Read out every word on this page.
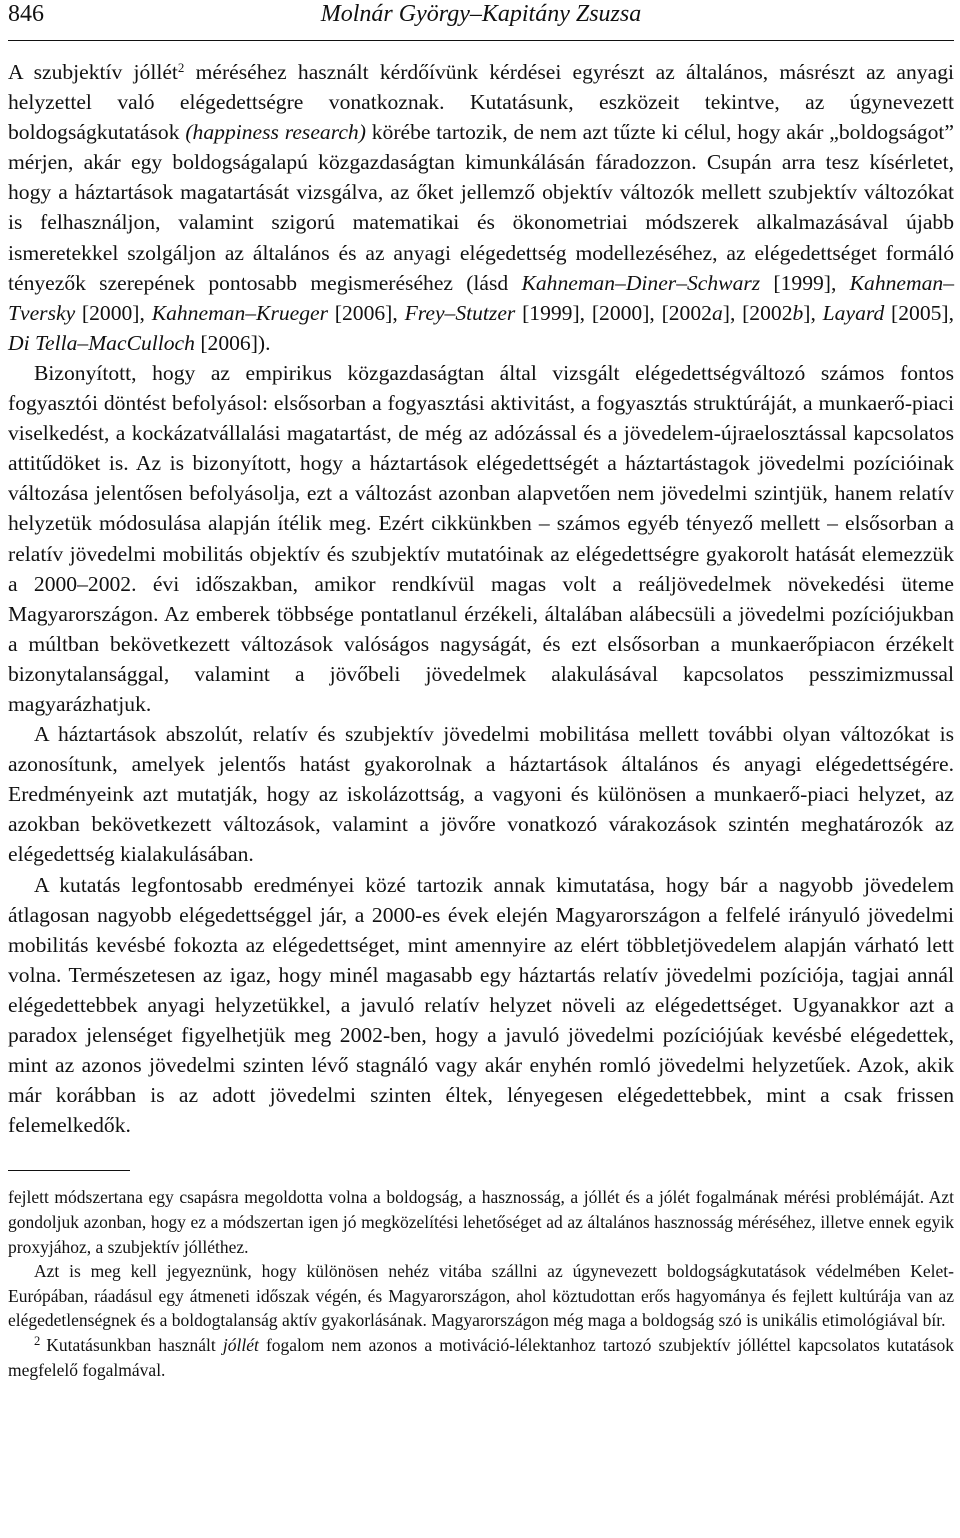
846	Molnár György–Kapitány Zsuzsa

A szubjektív jóllét$^2$ méréséhez használt kérdőívünk kérdései egyrészt az általános, másrészt az anyagi helyzettel való elégedettségre vonatkoznak. Kutatásunk, eszközeit tekintve, az úgynevezett boldogságkutatások (happiness research) körébe tartozik, de nem azt tűzte ki célul, hogy akár „boldogságot” mérjen, akár egy boldogságalapú közgazdaságtan kimunkálásán fáradozzon. Csupán arra tesz kísérletet, hogy a háztartások magatartását vizsgálva, az őket jellemző objektív változók mellett szubjektív változókat is felhasználjon, valamint szigorú matematikai és ökonometriai módszerek alkalmazásával újabb ismeretekkel szolgáljon az általános és az anyagi elégedettség modellezéséhez, az elégedettséget formáló tényezők szerepének pontosabb megismeréséhez (lásd Kahneman–Diner–Schwarz [1999], Kahneman–Tversky [2000], Kahneman–Krueger [2006], Frey–Stutzer [1999], [2000], [2002a], [2002b], Layard [2005], Di Tella–MacCulloch [2006]).

Bizonyított, hogy az empirikus közgazdaságtan által vizsgált elégedettségváltozó számos fontos fogyasztói döntést befolyásol: elsősorban a fogyasztási aktivitást, a fogyasztás struktúráját, a munkaerő-piaci viselkedést, a kockázatvállalási magatartást, de még az adózással és a jövedelem-újraelosztással kapcsolatos attitűdöket is. Az is bizonyított, hogy a háztartások elégedettségét a háztartástagok jövedelmi pozícióinak változása jelentősen befolyásolja, ezt a változást azonban alapvetően nem jövedelmi szintjük, hanem relatív helyzetük módosulása alapján ítélik meg. Ezért cikkünkben – számos egyéb tényező mellett – elsősorban a relatív jövedelmi mobilitás objektív és szubjektív mutatóinak az elégedettségre gyakorolt hatását elemezzük a 2000–2002. évi időszakban, amikor rendkívül magas volt a reáljövedelmek növekedési üteme Magyarországon. Az emberek többsége pontatlanul érzékeli, általában alábecsüli a jövedelmi pozíciójukban a múltban bekövetkezett változások valóságos nagyságát, és ezt elsősorban a munkaerőpiacon érzékelt bizonytalansággal, valamint a jövőbeli jövedelmek alakulásával kapcsolatos pesszimizmussal magyarázhatjuk.

A háztartások abszolút, relatív és szubjektív jövedelmi mobilitása mellett további olyan változókat is azonosítunk, amelyek jelentős hatást gyakorolnak a háztartások általános és anyagi elégedettségére. Eredményeink azt mutatják, hogy az iskolázottság, a vagyoni és különösen a munkaerő-piaci helyzet, az azokban bekövetkezett változások, valamint a jövőre vonatkozó várakozások szintén meghatározók az elégedettség kialakulásában.

A kutatás legfontosabb eredményei közé tartozik annak kimutatása, hogy bár a nagyobb jövedelem átlagosan nagyobb elégedettséggel jár, a 2000-es évek elején Magyarországon a felfelé irányuló jövedelmi mobilitás kevésbé fokozta az elégedettséget, mint amennyire az elért többletjövedelem alapján várható lett volna. Természetesen az igaz, hogy minél magasabb egy háztartás relatív jövedelmi pozíciója, tagjai annál elégedettebbek anyagi helyzetükkel, a javuló relatív helyzet növeli az elégedettséget. Ugyanakkor azt a paradox jelenséget figyelhetjük meg 2002-ben, hogy a javuló jövedelmi pozíciójúak kevésbé elégedettek, mint az azonos jövedelmi szinten lévő stagnáló vagy akár enyhén romló jövedelmi helyzetűek. Azok, akik már korábban is az adott jövedelmi szinten éltek, lényegesen elégedettebbek, mint a csak frissen felemelkedők.

fejlett módszertana egy csapásra megoldotta volna a boldogság, a hasznosság, a jóllét és a jólét fogalmának mérési problémáját. Azt gondoljuk azonban, hogy ez a módszertan igen jó megközelítési lehetőséget ad az általános hasznosság méréséhez, illetve ennek egyik proxyjához, a szubjektív jólléthez.

Azt is meg kell jegyeznünk, hogy különösen nehéz vitába szállni az úgynevezett boldogságkutatások védelmében Kelet-Európában, ráadásul egy átmeneti időszak végén, és Magyarországon, ahol köztudottan erős hagyománya és fejlett kultúrája van az elégedetlenségnek és a boldogtalanság aktív gyakorlásának. Magyarországon még maga a boldogság szó is unikális etimológiával bír.

$^2$ Kutatásunkban használt jóllét fogalom nem azonos a motiváció-lélektanhoz tartozó szubjektív jólléttel kapcsolatos kutatások megfelelő fogalmával.
